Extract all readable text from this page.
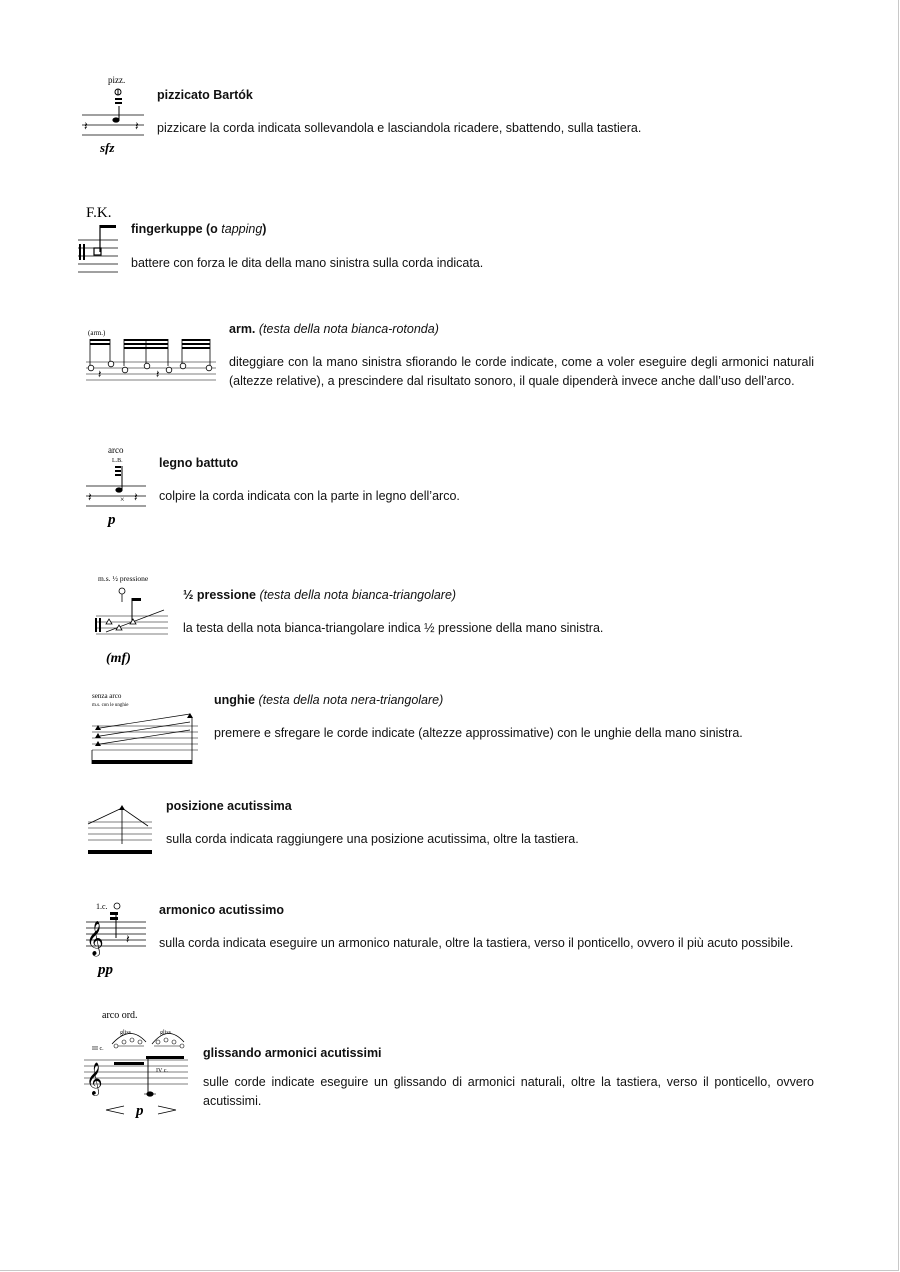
pizz.
𝄽	𝄽
sfz
pizzicato Bartók
pizzicare la corda indicata sollevandola e lasciandola ricadere, sbattendo, sulla tastiera.
F.K.
fingerkuppe (o tapping)
battere con forza le dita della mano sinistra sulla corda indicata.
(arm.)
𝄽	𝄽
arm. (testa della nota bianca-rotonda)
diteggiare con la mano sinistra sfiorando le corde indicate, come a voler eseguire degli armonici naturali (altezze relative), a prescindere dal risultato sonoro, il quale dipenderà invece anche dall’uso dell’arco.
arco
L.B.
×
𝄽	𝄽
p
legno battuto
colpire la corda indicata con la parte in legno dell’arco.
m.s. ½ pressione
(mf)
½ pressione (testa della nota bianca-triangolare)
la testa della nota bianca-triangolare indica ½ pressione della mano sinistra.
senza arco
m.s. con le unghie	unghie (testa della nota nera-triangolare)
premere e sfregare le corde indicate (altezze approssimative) con le unghie della mano sinistra.
posizione acutissima
sulla corda indicata raggiungere una posizione acutissima, oltre la tastiera.
1.c.
𝄞 𝄽
pp
armonico acutissimo
sulla corda indicata eseguire un armonico naturale, oltre la tastiera, verso il ponticello, ovvero il più acuto possibile.
arco ord.
gliss.	gliss.
III c.
IV c.
𝄞
p
glissando armonici acutissimi
sulle corde indicate eseguire un glissando di armonici naturali, oltre la tastiera, verso il ponticello, ovvero acutissimi.
